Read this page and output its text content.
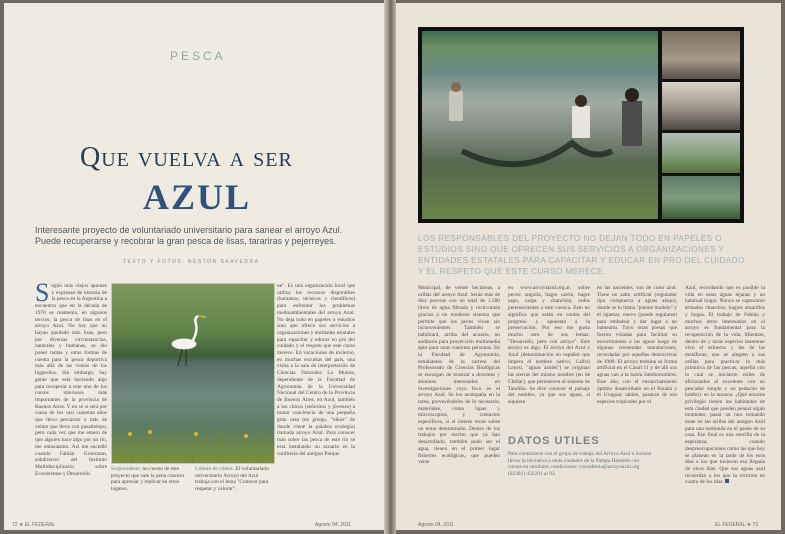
PESCA
Que vuelva a ser
AZUL
Interesante proyecto de voluntariado universitario para sanear el arroyo Azul. Puede recuperarse y recobrar la gran pesca de lisas, tarariras y pejerreyes.
TEXTO Y FOTOS: NÉSTOR SAAVEDRA
Según más viejos apuntes y expresan de historia de la pesca en la Argentina a encuentro que en la década de 1970 se mantenía, en algunos tercios, la pesca de lisas en el arroyo Azul. No hay que no hayan quedado más lisas, pero por diversas circunstancias, naturales y humanas, se dio poner tantas y otras formas de cuenta para la pesca deportiva más allá de las visitas de los lugareños. Sin embargo, hay gente que está haciendo algo para recuperar a este uno de los cursos interiores más importantes de la provincia de Buenos Aires. Y no sé si será por causa de los casi cuarenta años que llevo pescando o más de veinte que llevo con pasatiempo, pero cada vez que me entero de que alguien hace algo por un río, me entusiasmo. Así me sucedió cuando Fabián Grossman, subdirector del Instituto Multidisciplinario sobre Ecosistemas y Desarrollo
ne". Es una organización local que utiliza los recursos disponibles (humanos, técnicos y científicos) para enfrentar los problemas medioambientales del arroyo Azul. No deja todo en papeles o estudios sino que ofrece sus servicios a organizaciones y entidades estatales para capacitar y educar en pro del cuidado y el respeto que este curso merece. En vacaciones de invierno, en muchas escuelas del país, una visita a la sala de interpretación de Ciencias Naturales La Muleta, dependiente de la Facultad de Agronomía de la Universidad Nacional del Centro de la Provincia de Buenos Aires, en Azul, también a los chicos (señoritos y jóvenes) a tomar conciencia de una pequeña gran casa (en griego, "oikos" de donde viene la palabra ecología) llamada arroyo Azul. Para conocer más sobre las pesca de este río se está instalando un acuario en la confitería del antiguo Parque
Sorprendente, no cuesto de este proyecto que vale la pena conocer para apreciar y replicar en otros lugares.
Culture de clubes. El voluntariado universitario Arroyo del Azul trabaja con el lema "Conocer para respetar y valorar".
72 ★ EL FEDERAL	Agosto 04, 2011
LOS RESPONSABLES DEL PROYECTO NO DEJAN TODO EN PAPELES O ESTUDIOS SINO QUE OFRECEN SUS SERVICIOS A ORGANIZACIONES Y ENTIDADES ESTATALES PARA CAPACITAR Y EDUCAR EN PRO DEL CUIDADO Y EL RESPETO QUE ESTE CURSO MERECE.
Municipal, de veinte hectáreas, a orillas del arroyo Azul. Serán más de diez peceras con un total de 1.500 litros de agua filtrada y recirculada gracias a un moderno sistema que permite que los peces vivan sin inconvenientes. También se habilitará, arriba del acuario, un auditorio para proyección multimedia apto para unas cuarenta personas. En la Facultad de Agronomía, estudiantes de la carrera del Profesorado de Ciencias Biológicas se encargan de mostrar a docentes y alumnos interesados en investigaciones cuyo foco es el arroyo Azul. Se los acompaña en la tarea, proveyéndoles de lo necesario, materiales, como lupas y microscopios, y contactos específicos, si el interés recae sobre un tema determinado. Dentro de los trabajos por escrito que ya han desarrollado, también pudo ser el agua, tienen en el primer lugar fisheries ecológicas, que pueden verse
en www.arroyoazul.org.ar, sobre peces: anguila, bagre carrín, bagre sapo, carpa y chanchita, todos pertenecientes a este cuenca. Esto no significa que están en contra del progreso y apuestan a la preservación. Por eso me gusta mucho otro de sus lemas: "Desarrollo, pero con arroyo". Este arroyo es algo. El arroyo del Azul o Azul (denominación en español que impera el nombre nativo, Callvú Leuvú, "aguas azules") se originan las sierras del mismo nombre (en de Chillar), que pertenecen al sistema de Tandilia. Se dice conocer el paisaje del nombre, ya que sus aguas, sí siquiera
en las nacientes, son de color azul. Tiene un salto artificial (regulador tipo compuerta a aguas abajo), donde se lo llama "puente modelo" y el tajamar, nuevo (puede regularse) para embalsar y dar lugar a un balneario. Tuvo otras presas que fueron voladas para facilitar su escurrimiento a las aguas luego de algunas tremendas inundaciones, recordadas por aquellas destructivas de 1980. El arroyo termina su forma artificial en el Canal 11 y de allí sus aguas van a la bahía Samborombón. Este año, con el ensanchamiento óptimo desarrollado en el Paraná y el Uruguay tabién, pasaron de eso especies tropicales por el
Azul, recordando que es posible la vida en estas aguas lejanas y un habitual hogar. Nunca se capturaron armados chanchos, bagres amarillos y bogas. El trabajo de Fabián y muchos otros interesados en el arroyo es fundamental para la recuperación de la vida. Mientras, dentro de y otras especies mantener vivo el esfuerzo y las de las metáforas; que se alegren a sus orillas para practicar la más primitiva de las pescas, aquella con la cual se iniciaron miles de aficionados al excelente con un pescador simple y un pedacito de lombriz en la tarnaca. ¿Qué enorme privilegio tienen los habitantes de esta ciudad que pueden pensar algún momento, pasar un rato tomando mate en las orillas del antiguo Azul para una merienda en el paseo de su casa. Ese final es una sencilla de la esperanza, cuando despreocupaciones como las que hoy se planean en la tarde de los esos días a los que tuvieron esa llegada de otros días. Que sus aguas azul recuerdan a los que la recorren en cuatro de los días
DATOS UTILES
Para contactarse con el grupo de trabajo del Arroyo Azul o incluso llevar la iniciativa a otras ciudades de la Pampa Húmeda con cursos en similares condiciones: consultoria@arroyoazul.org (02281) 433291 al 93.
Agosto 04, 2011	EL FEDERAL ★ 73
